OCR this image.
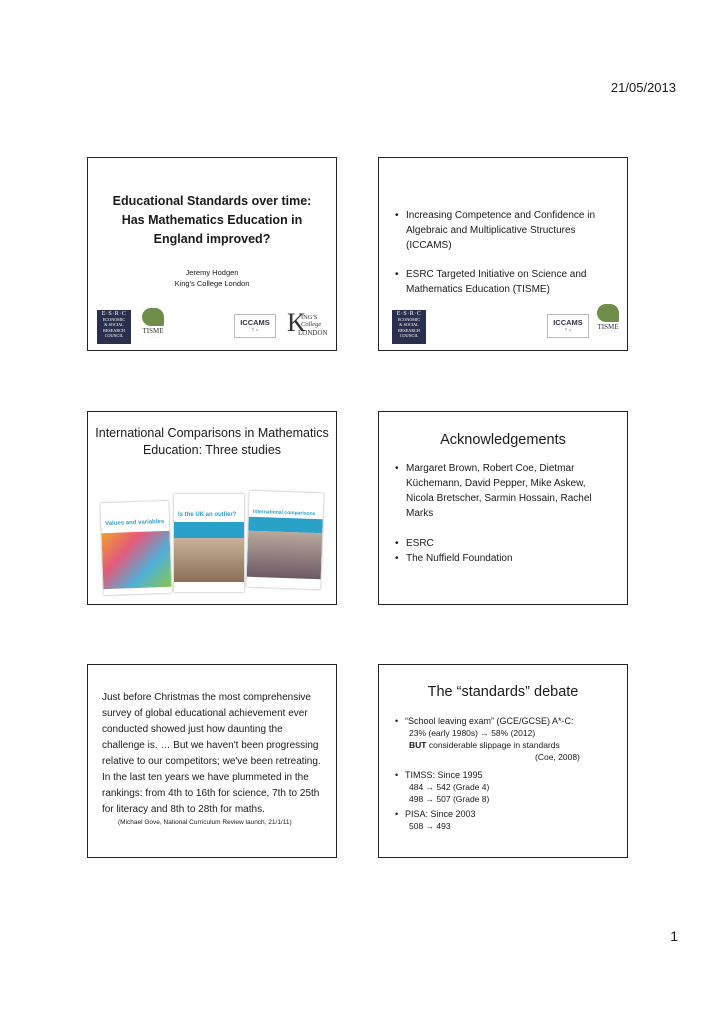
21/05/2013
Educational Standards over time: Has Mathematics Education in England improved?
Jeremy Hodgen
King's College London
E·S·R·C
ECONOMIC
& SOCIAL
RESEARCH
COUNCIL
TISME
·········
ICCAMS
? ×	K
ING'S
College
LONDON
• Increasing Competence and Confidence in Algebraic and Multiplicative Structures (ICCAMS)
• ESRC Targeted Initiative on Science and Mathematics Education (TISME)
E·S·R·C
ECONOMIC
& SOCIAL
RESEARCH
COUNCIL
ICCAMS
? ×	TISME
·········
International Comparisons in Mathematics Education: Three studies
Values and variables
Is the UK an outlier?	International comparisons
Acknowledgements
• Margaret Brown, Robert Coe, Dietmar Küchemann, David Pepper, Mike Askew, Nicola Bretscher, Sarmin Hossain, Rachel Marks
• ESRC
• The Nuffield Foundation
Just before Christmas the most comprehensive survey of global educational achievement ever conducted showed just how daunting the challenge is. … But we haven't been progressing relative to our competitors; we've been retreating. In the last ten years we have plummeted in the rankings: from 4th to 16th for science, 7th to 25th for literacy and 8th to 28th for maths.
(Michael Gove, National Curriculum Review launch, 21/1/11)
The “standards” debate
• “School leaving exam” (GCE/GCSE) A*-C:
23% (early 1980s) → 58% (2012)
BUT considerable slippage in standards
(Coe, 2008)
• TIMSS: Since 1995
484 → 542 (Grade 4)
498 → 507 (Grade 8)
• PISA: Since 2003
508 → 493
1
